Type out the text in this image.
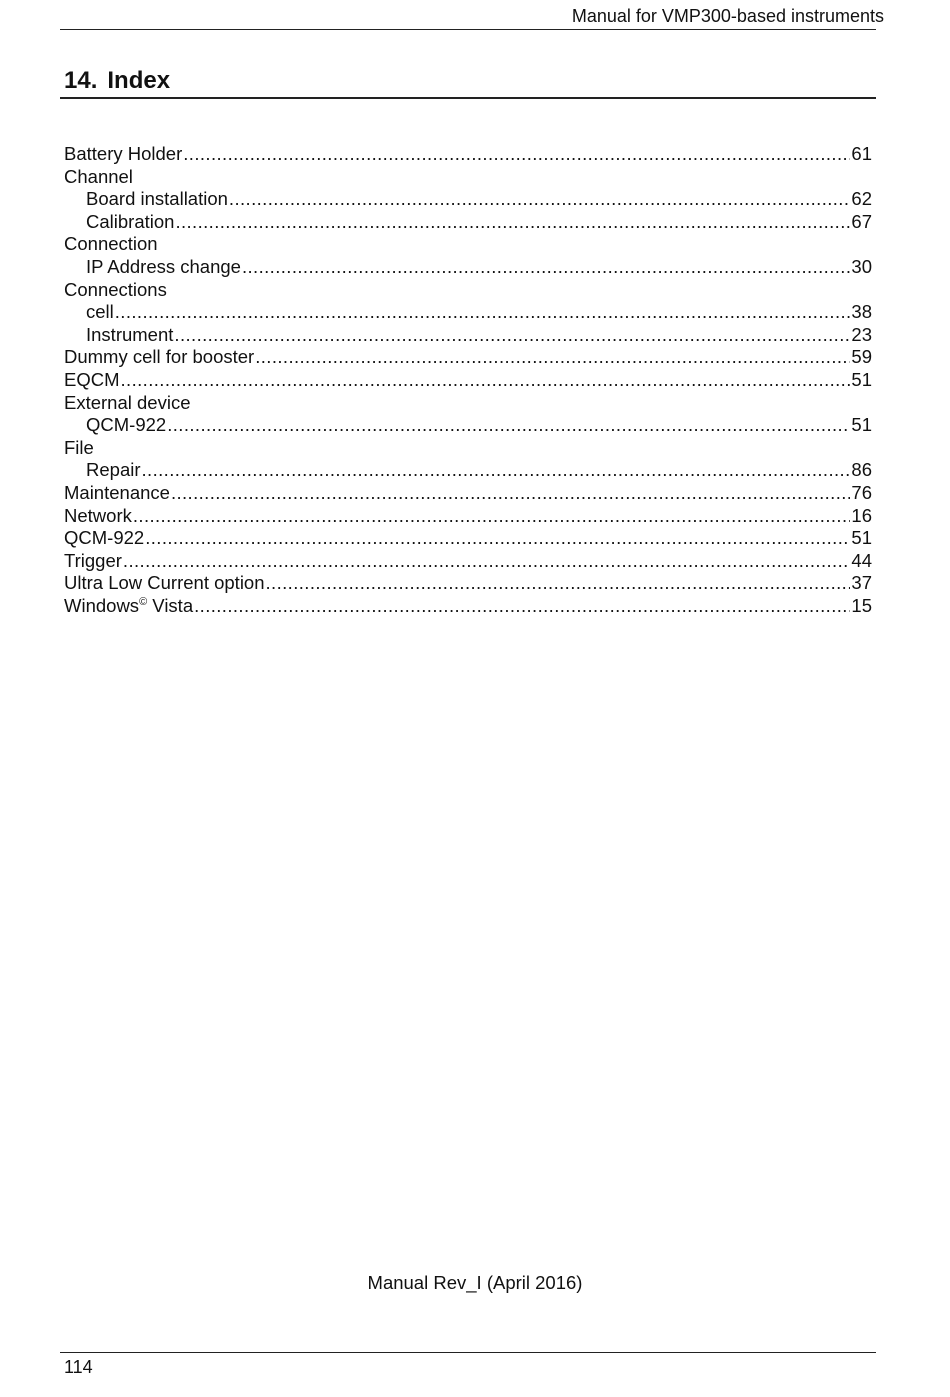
Manual for VMP300-based instruments
14. Index
Battery Holder .....	61
Channel
Board installation .....	62
Calibration .....	67
Connection
IP Address change .....	30
Connections
cell .....	38
Instrument .....	23
Dummy cell for booster .....	59
EQCM .....	51
External device
QCM-922 .....	51
File
Repair .....	86
Maintenance .....	76
Network .....	16
QCM-922 .....	51
Trigger .....	44
Ultra Low Current option .....	37
Windows© Vista .....	15
Manual Rev_I (April 2016)
114
